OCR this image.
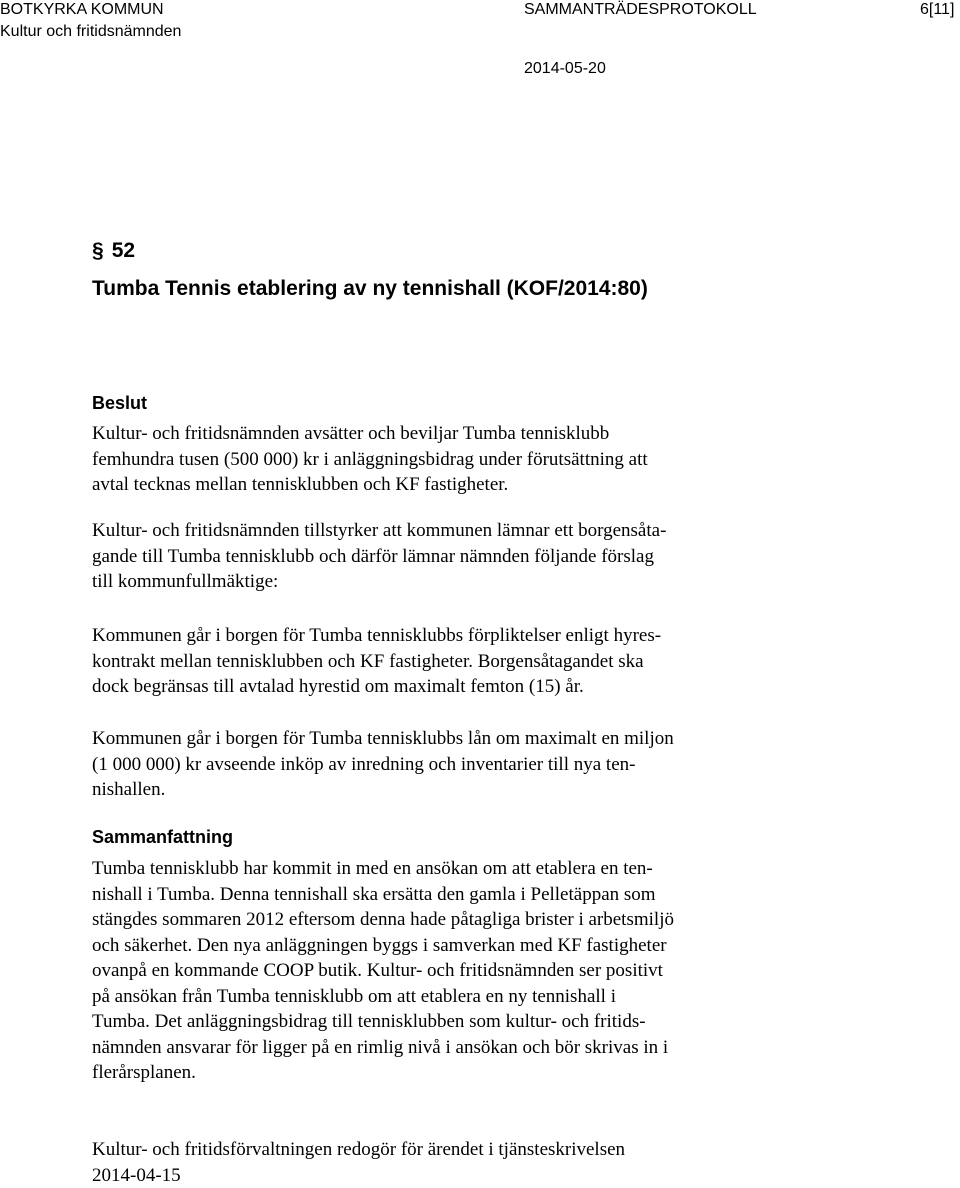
BOTKYRKA KOMMUN
Kultur och fritidsnämnden
SAMMANTRÄDESPROTOKOLL	6[11]
2014-05-20
§ 52
Tumba Tennis etablering av ny tennishall (KOF/2014:80)
Beslut

Kultur- och fritidsnämnden avsätter och beviljar Tumba tennisklubb
femhundra tusen (500 000) kr i anläggningsbidrag under förutsättning att
avtal tecknas mellan tennisklubben och KF fastigheter.

Kultur- och fritidsnämnden tillstyrker att kommunen lämnar ett borgensåta-
gande till Tumba tennisklubb och därför lämnar nämnden följande förslag
till kommunfullmäktige:

Kommunen går i borgen för Tumba tennisklubbs förpliktelser enligt hyres-
kontrakt mellan tennisklubben och KF fastigheter. Borgensåtagandet ska
dock begränsas till avtalad hyrestid om maximalt femton (15) år.

Kommunen går i borgen för Tumba tennisklubbs lån om maximalt en miljon
(1 000 000) kr avseende inköp av inredning och inventarier till nya ten-
nishallen.

Sammanfattning

Tumba tennisklubb har kommit in med en ansökan om att etablera en ten-
nishall i Tumba. Denna tennishall ska ersätta den gamla i Pelletäppan som
stängdes sommaren 2012 eftersom denna hade påtagliga brister i arbetsmiljö
och säkerhet. Den nya anläggningen byggs i samverkan med KF fastigheter
ovanpå en kommande COOP butik. Kultur- och fritidsnämnden ser positivt
på ansökan från Tumba tennisklubb om att etablera en ny tennishall i
Tumba. Det anläggningsbidrag till tennisklubben som kultur- och fritids-
nämnden ansvarar för ligger på en rimlig nivå i ansökan och bör skrivas in i
flerårsplanen.

Kultur- och fritidsförvaltningen redogör för ärendet i tjänsteskrivelsen
2014-04-15
